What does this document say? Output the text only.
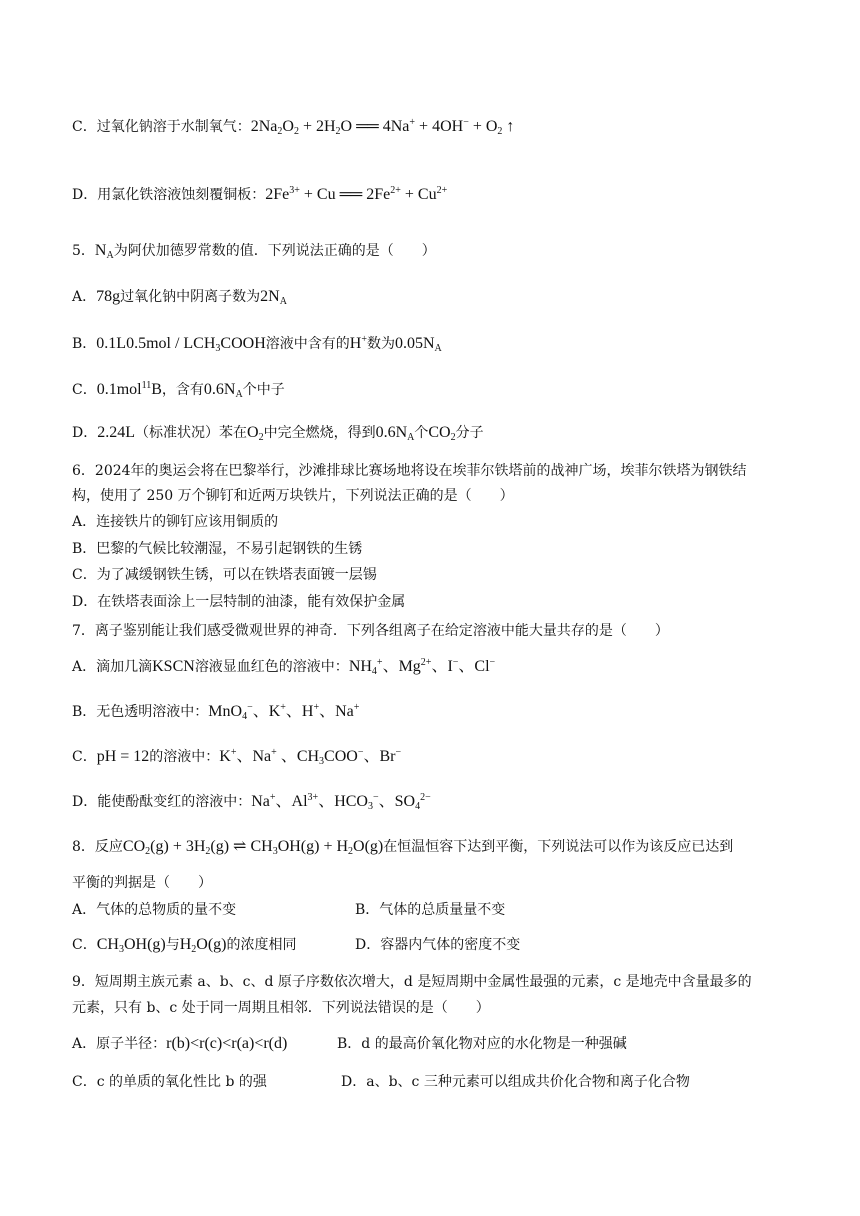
C．过氧化钠溶于水制氧气：$2Na_2O_2 + 2H_2O$ ══ $4Na^+ + 4OH^- + O_2$ ↑
D．用氯化铁溶液蚀刻覆铜板：$2Fe^{3+} + Cu$ ══ $2Fe^{2+} + Cu^{2+}$
5．$N_A$为阿伏加德罗常数的值．下列说法正确的是（　　）
A．78g过氧化钠中阴离子数为$2N_A$
B．$0.1L0.5mol / LCH_3COOH$溶液中含有的H+数为$0.05N_A$
C．0.1mol$^{11}$B，含有$0.6N_A$个中子
D．2.24L（标准状况）苯在$O_2$中完全燃烧，得到$0.6N_A$个$CO_2$分子
6．2024年的奥运会将在巴黎举行，沙滩排球比赛场地将设在埃菲尔铁塔前的战神广场，埃菲尔铁塔为钢铁结
构，使用了 250 万个铆钉和近两万块铁片，下列说法正确的是（　　）
A．连接铁片的铆钉应该用铜质的
B．巴黎的气候比较潮湿，不易引起钢铁的生锈
C．为了减缓钢铁生锈，可以在铁塔表面镀一层锡
D．在铁塔表面涂上一层特制的油漆，能有效保护金属
7．离子鉴别能让我们感受微观世界的神奇．下列各组离子在给定溶液中能大量共存的是（　　）
A．滴加几滴KSCN溶液显血红色的溶液中：$NH_4^+$、$Mg^{2+}$、I−、Cl−
B．无色透明溶液中：MnO$_4$−、K+、H+、Na+
C．pH = 12的溶液中：K+、Na+ 、$CH_3COO^-$、Br−
D．能使酚酞变红的溶液中：Na+、$Al^{3+}$、$HCO_3^-$、$SO_4^{2-}$
8．反应$CO_2(g) + 3H_2(g)$ ⇌ $CH_3OH(g) + H_2O(g)$在恒温恒容下达到平衡，下列说法可以作为该反应已达到
平衡的判据是（　　）
A．气体的总物质的量不变	B．气体的总质量量不变
C．$CH_3OH(g)$与$H_2O(g)$的浓度相同	D．容器内气体的密度不变
9．短周期主族元素 a、b、c、d 原子序数依次增大，d 是短周期中金属性最强的元素，c 是地壳中含量最多的
元素，只有 b、c 处于同一周期且相邻．下列说法错误的是（　　）
A．原子半径：r(b)<r(c)<r(a)<r(d)	B．d 的最高价氧化物对应的水化物是一种强碱
C．c 的单质的氧化性比 b 的强	D．a、b、c 三种元素可以组成共价化合物和离子化合物
